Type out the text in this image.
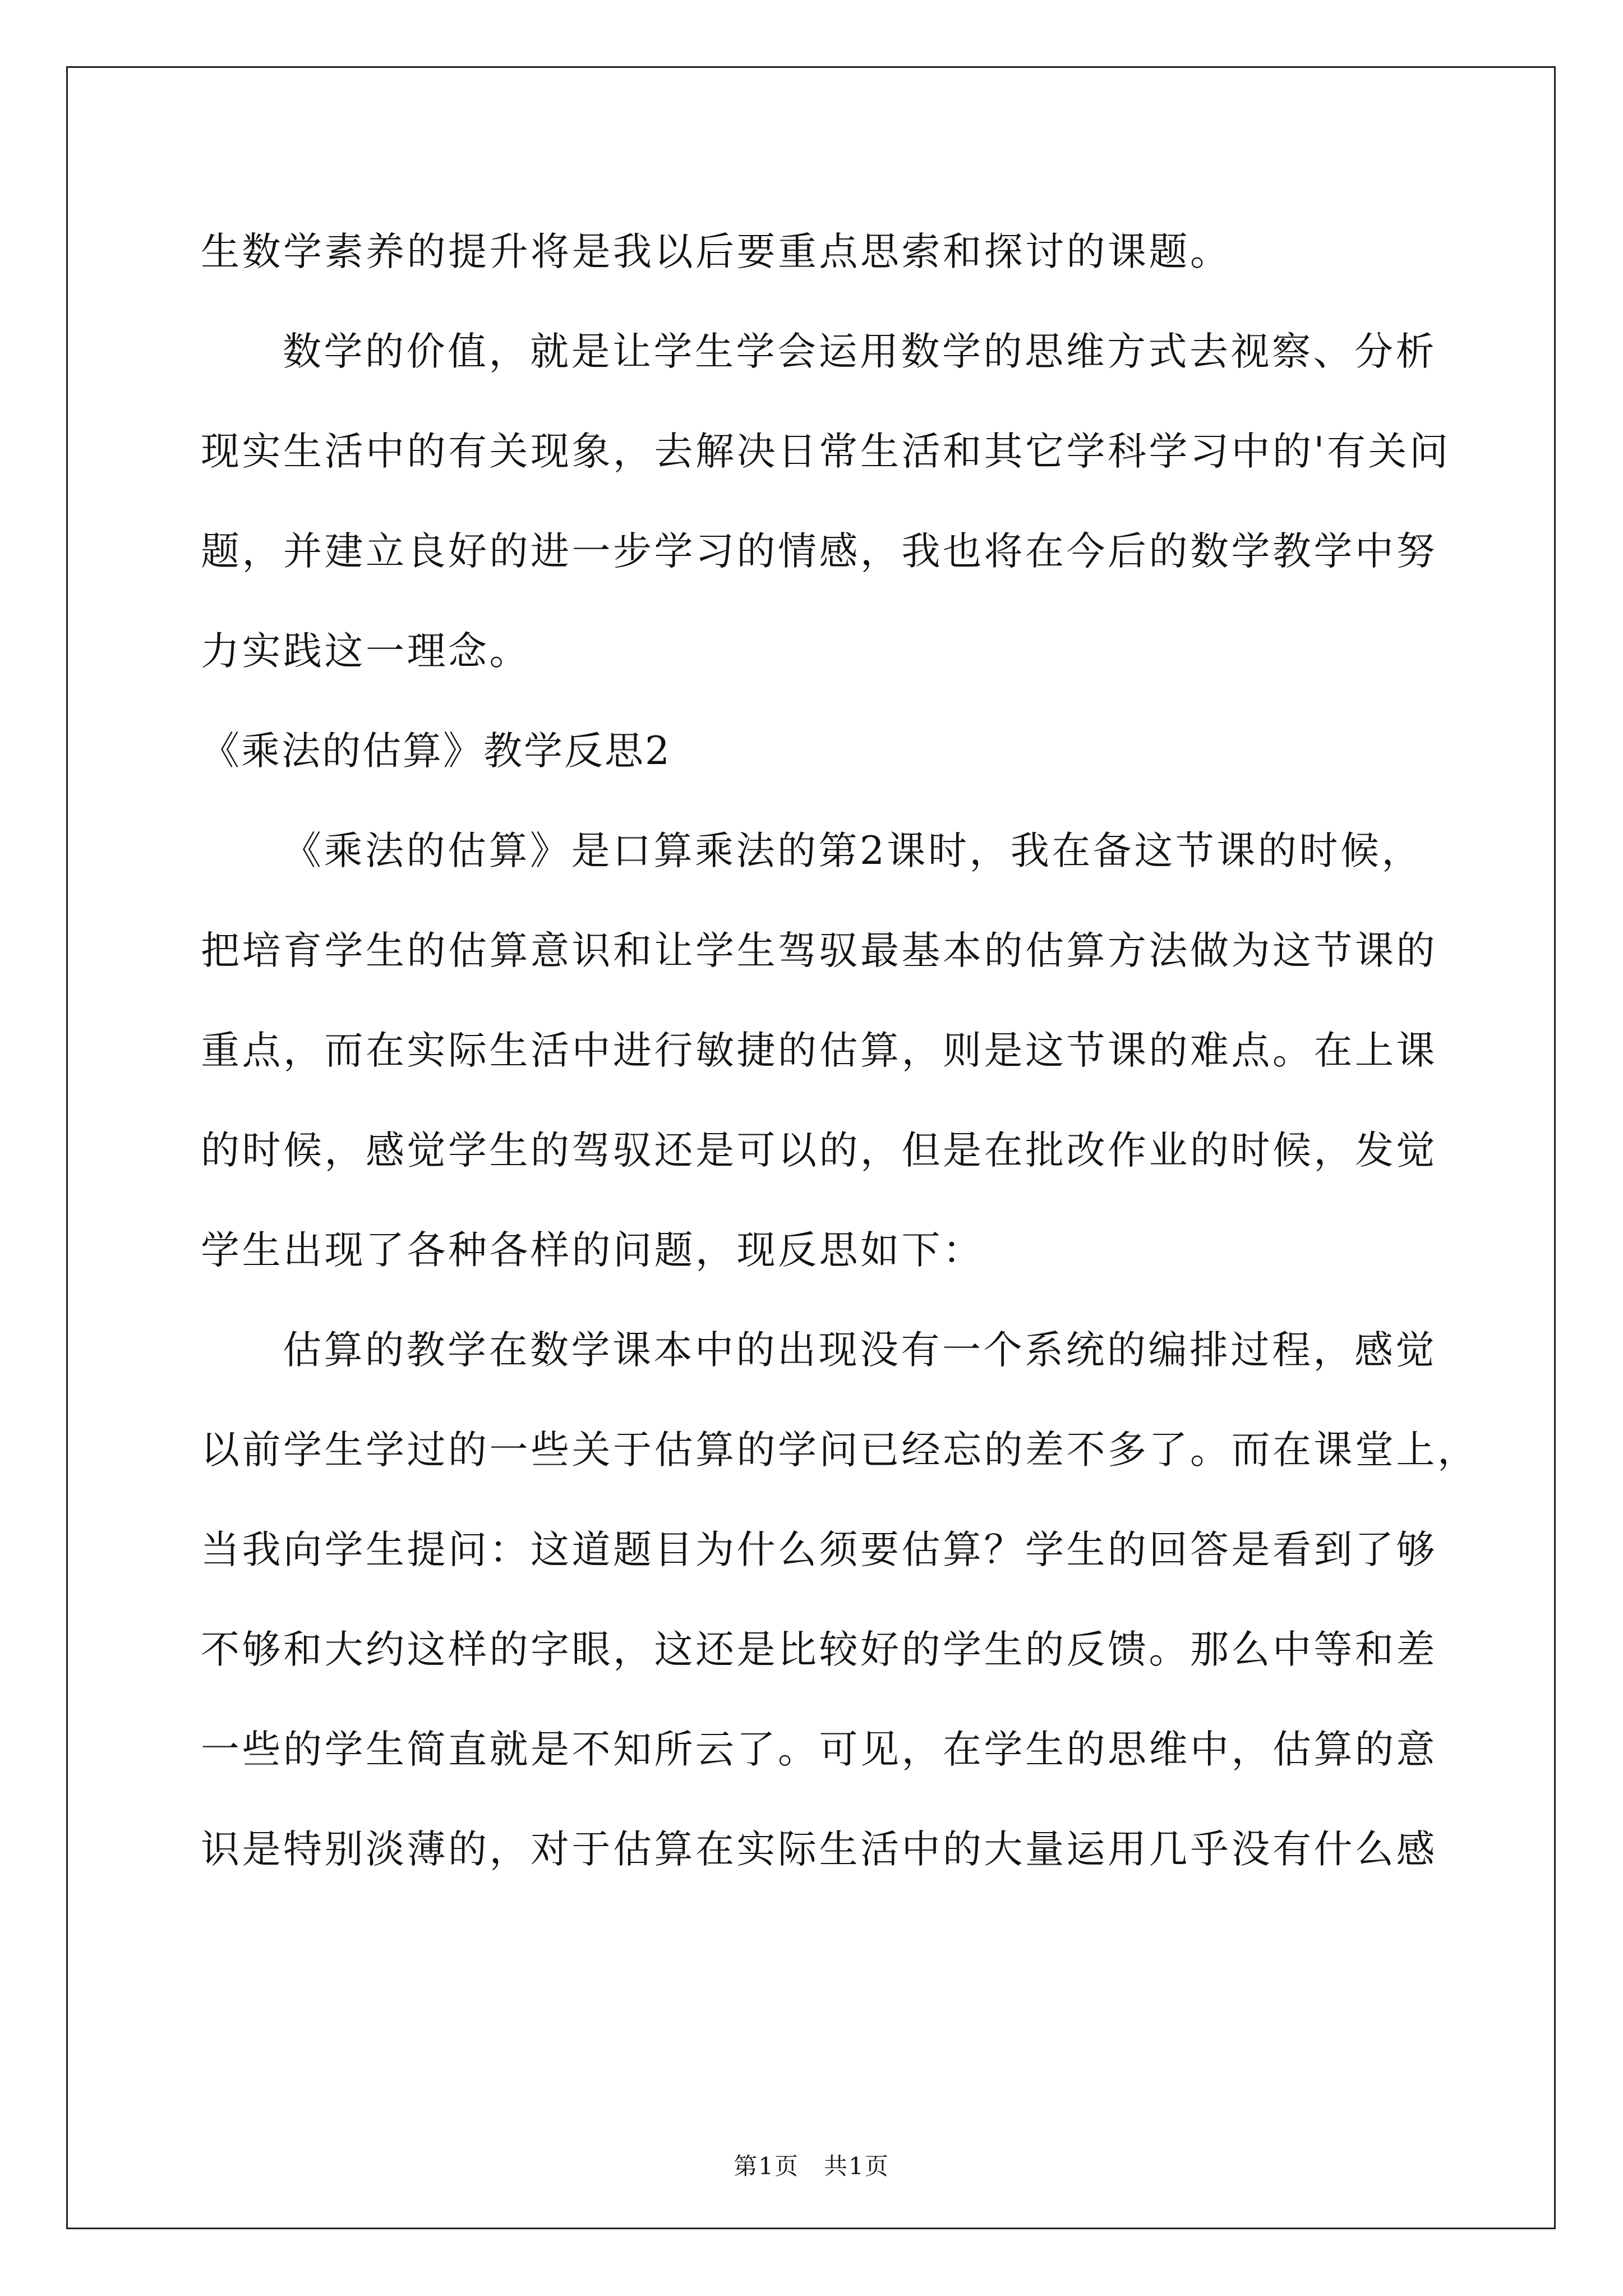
生数学素养的提升将是我以后要重点思索和探讨的课题。
数学的价值，就是让学生学会运用数学的思维方式去视察、分析
现实生活中的有关现象，去解决日常生活和其它学科学习中的'有关问
题，并建立良好的进一步学习的情感，我也将在今后的数学教学中努
力实践这一理念。
《乘法的估算》教学反思2
《乘法的估算》是口算乘法的第2课时，我在备这节课的时候，
把培育学生的估算意识和让学生驾驭最基本的估算方法做为这节课的
重点，而在实际生活中进行敏捷的估算，则是这节课的难点。在上课
的时候，感觉学生的驾驭还是可以的，但是在批改作业的时候，发觉
学生出现了各种各样的问题，现反思如下：
估算的教学在数学课本中的出现没有一个系统的编排过程，感觉
以前学生学过的一些关于估算的学问已经忘的差不多了。而在课堂上，
当我向学生提问：这道题目为什么须要估算？学生的回答是看到了够
不够和大约这样的字眼，这还是比较好的学生的反馈。那么中等和差
一些的学生简直就是不知所云了。可见，在学生的思维中，估算的意
识是特别淡薄的，对于估算在实际生活中的大量运用几乎没有什么感
第1页　共1页
